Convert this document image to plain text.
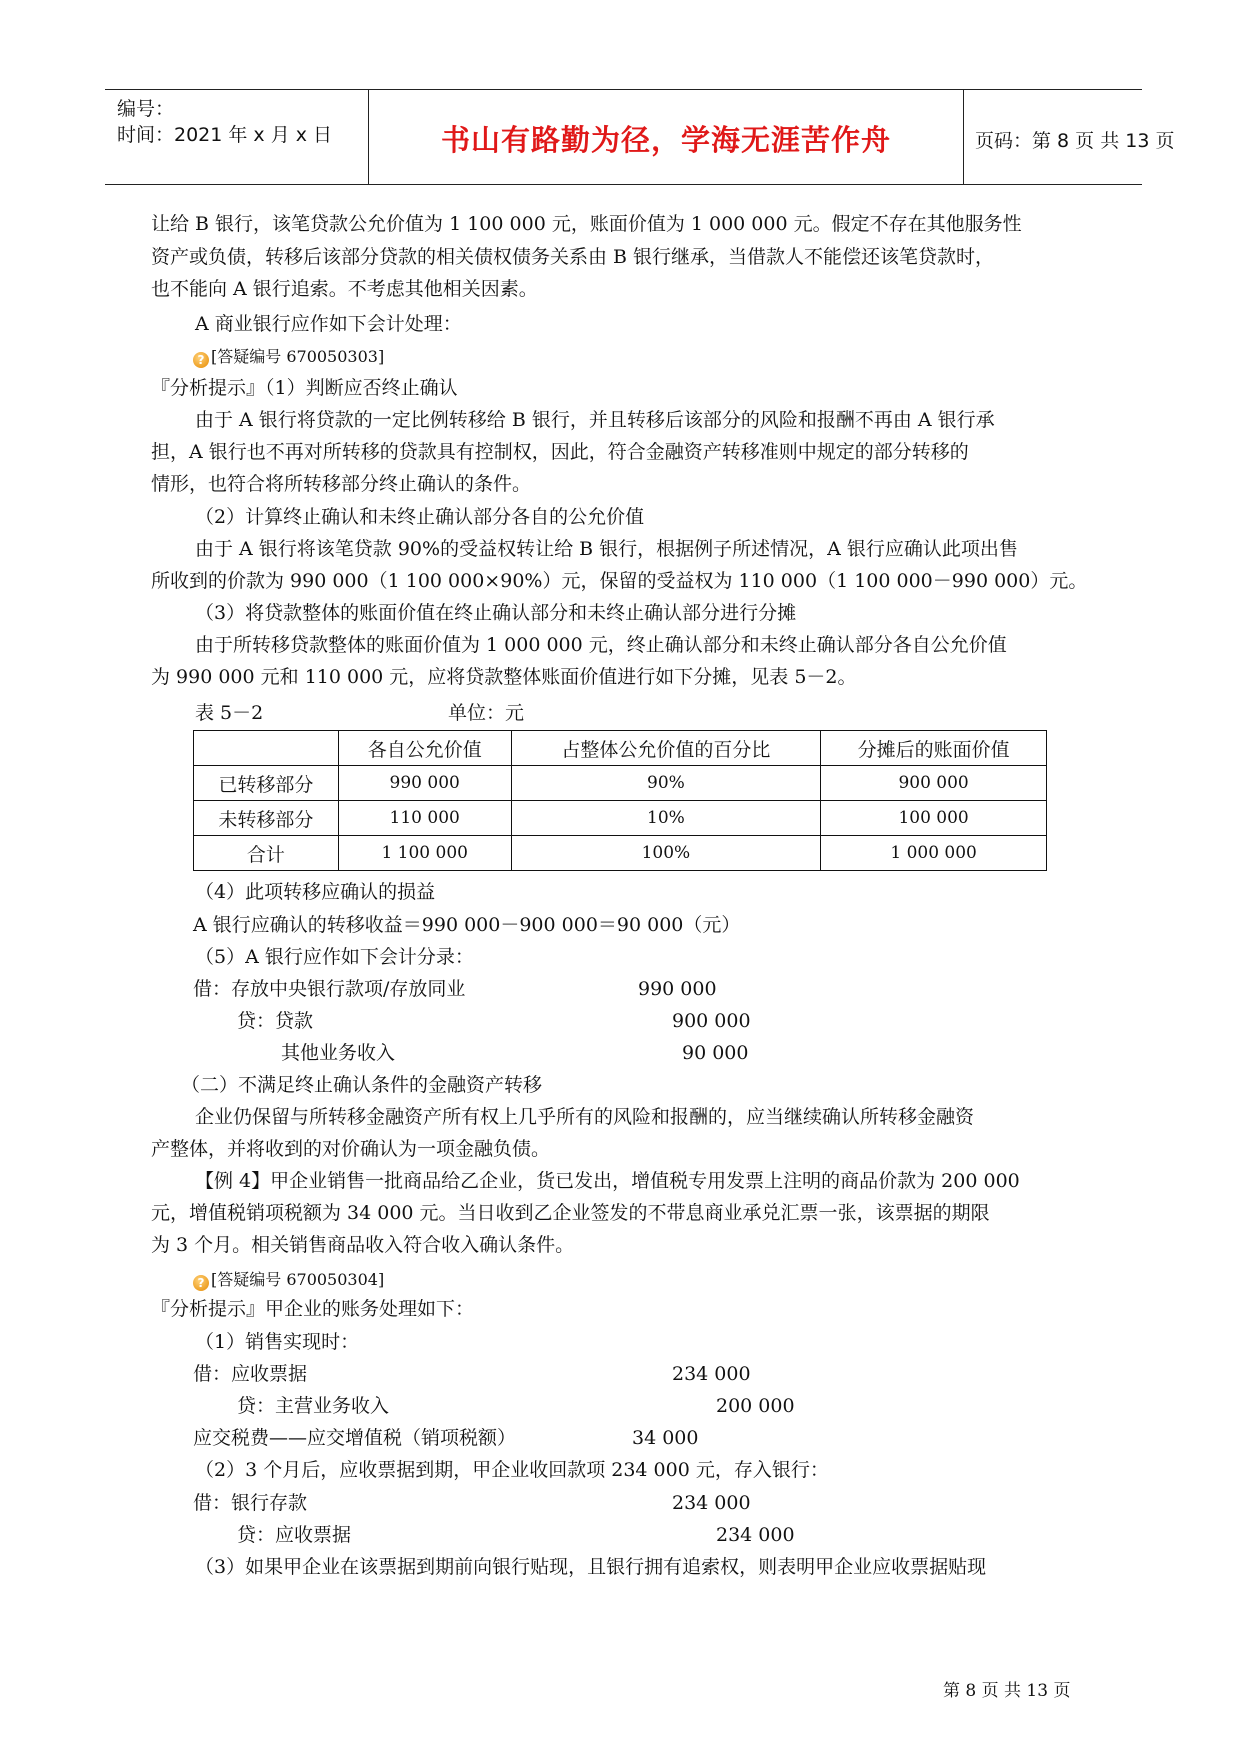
编号：
时间：2021 年 x 月 x 日	书山有路勤为径，学海无涯苦作舟	页码：第 8 页 共 13 页
让给 B 银行，该笔贷款公允价值为 1 100 000 元，账面价值为 1 000 000 元。假定不存在其他服务性
资产或负债，转移后该部分贷款的相关债权债务关系由 B 银行继承，当借款人不能偿还该笔贷款时，
也不能向 A 银行追索。不考虑其他相关因素。
A 商业银行应作如下会计处理：
? [答疑编号 670050303]
『分析提示』（1）判断应否终止确认
由于 A 银行将贷款的一定比例转移给 B 银行，并且转移后该部分的风险和报酬不再由 A 银行承
担，A 银行也不再对所转移的贷款具有控制权，因此，符合金融资产转移准则中规定的部分转移的
情形，也符合将所转移部分终止确认的条件。
（2）计算终止确认和未终止确认部分各自的公允价值
由于 A 银行将该笔贷款 90%的受益权转让给 B 银行，根据例子所述情况，A 银行应确认此项出售
所收到的价款为 990 000（1 100 000×90%）元，保留的受益权为 110 000（1 100 000－990 000）元。
（3）将贷款整体的账面价值在终止确认部分和未终止确认部分进行分摊
由于所转移贷款整体的账面价值为 1 000 000 元，终止确认部分和未终止确认部分各自公允价值
为 990 000 元和 110 000 元，应将贷款整体账面价值进行如下分摊，见表 5－2。
表 5－2	单位：元
	各自公允价值	占整体公允价值的百分比	分摊后的账面价值
已转移部分	990 000	90%	900 000
未转移部分	110 000	10%	100 000
合计	1 100 000	100%	1 000 000
（4）此项转移应确认的损益
A 银行应确认的转移收益＝990 000－900 000＝90 000（元）
（5）A 银行应作如下会计分录：
借：存放中央银行款项/存放同业	990 000
贷：贷款	900 000
其他业务收入	90 000
（二）不满足终止确认条件的金融资产转移
企业仍保留与所转移金融资产所有权上几乎所有的风险和报酬的，应当继续确认所转移金融资
产整体，并将收到的对价确认为一项金融负债。
【例 4】甲企业销售一批商品给乙企业，货已发出，增值税专用发票上注明的商品价款为 200 000
元，增值税销项税额为 34 000 元。当日收到乙企业签发的不带息商业承兑汇票一张，该票据的期限
为 3 个月。相关销售商品收入符合收入确认条件。
? [答疑编号 670050304]
『分析提示』甲企业的账务处理如下：
（1）销售实现时：
借：应收票据	234 000
贷：主营业务收入	200 000
应交税费——应交增值税（销项税额）	34 000
（2）3 个月后，应收票据到期，甲企业收回款项 234 000 元，存入银行：
借：银行存款	234 000
贷：应收票据	234 000
（3）如果甲企业在该票据到期前向银行贴现，且银行拥有追索权，则表明甲企业应收票据贴现
第 8 页 共 13 页
